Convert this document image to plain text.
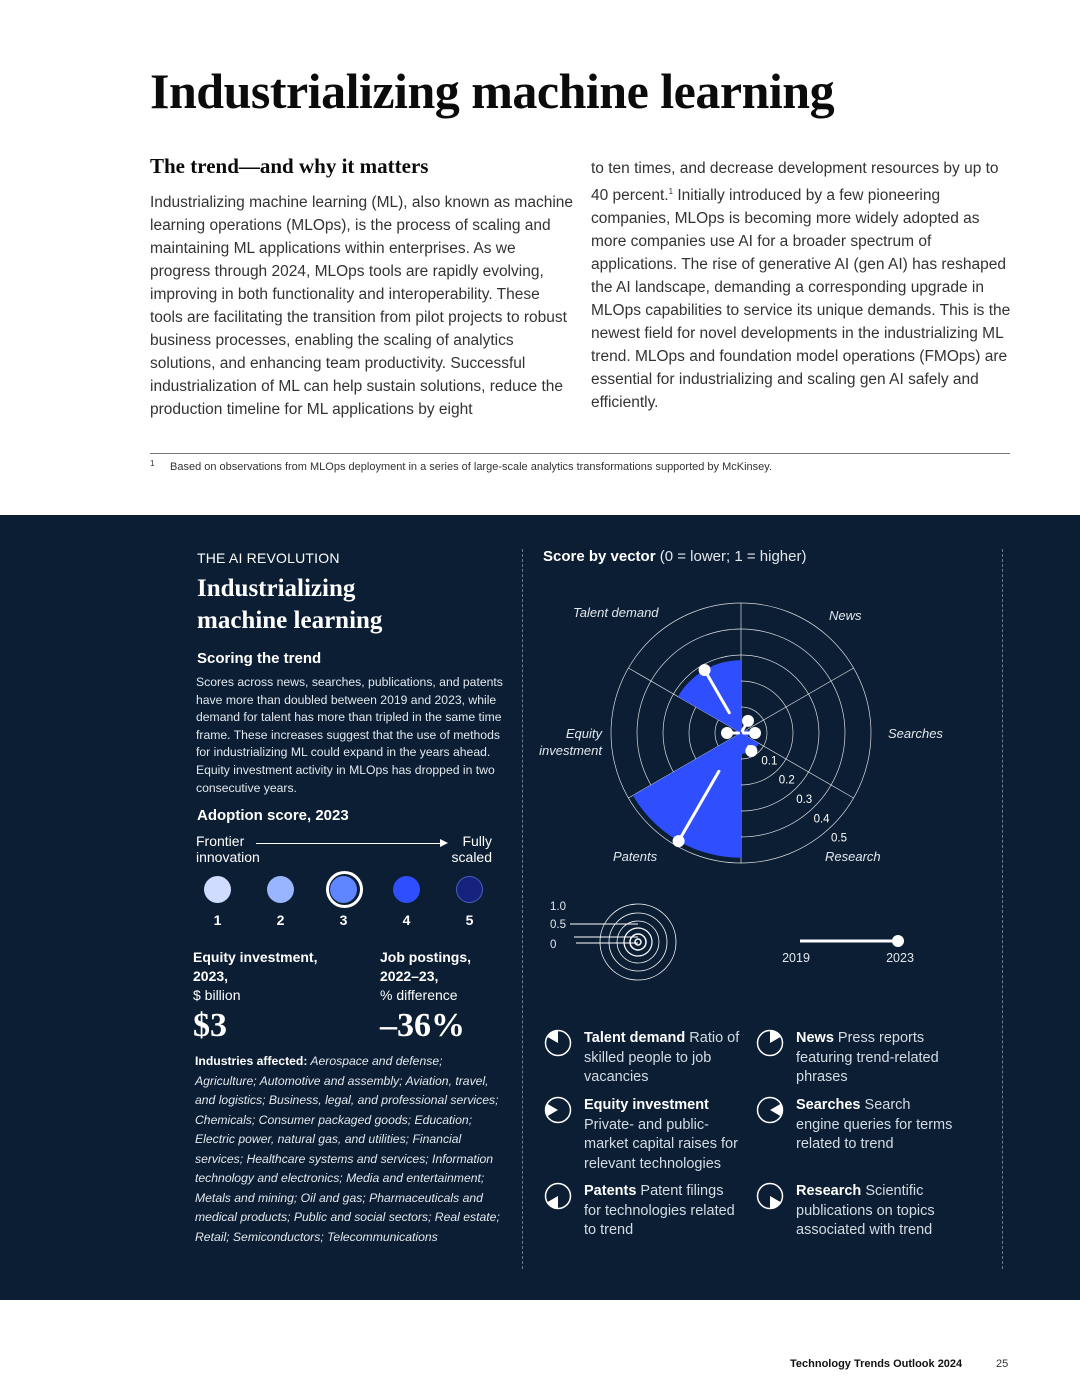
Industrializing machine learning
The trend—and why it matters

Industrializing machine learning (ML), also known as machine learning operations (MLOps), is the process of scaling and maintaining ML applications within enterprises. As we progress through 2024, MLOps tools are rapidly evolving, improving in both functionality and interoperability. These tools are facilitating the transition from pilot projects to robust business processes, enabling the scaling of analytics solutions, and enhancing team productivity. Successful industrialization of ML can help sustain solutions, reduce the production timeline for ML applications by eight

to ten times, and decrease development resources by up to 40 percent.$^1$ Initially introduced by a few pioneering companies, MLOps is becoming more widely adopted as more companies use AI for a broader spectrum of applications. The rise of generative AI (gen AI) has reshaped the AI landscape, demanding a corresponding upgrade in MLOps capabilities to service its unique demands. This is the newest field for novel developments in the industrializing ML trend. MLOps and foundation model operations (FMOps) are essential for industrializing and scaling gen AI safely and efficiently.

1 Based on observations from MLOps deployment in a series of large-scale analytics transformations supported by McKinsey.
THE AI REVOLUTION
Industrializing
machine learning
Scoring the trend

Scores across news, searches, publications, and patents have more than doubled between 2019 and 2023, while demand for talent has more than tripled in the same time frame. These increases suggest that the use of methods for industrializing ML could expand in the years ahead. Equity investment activity in MLOps has dropped in two consecutive years.

Adoption score, 2023
Frontier
innovation
Fully
scaled
1	2	3	4	5
Equity investment,
2023,
$ billion
$3
Job postings,
2022–23,
% difference
–36%

Industries affected: Aerospace and defense; Agriculture; Automotive and assembly; Aviation, travel, and logistics; Business, legal, and professional services; Chemicals; Consumer packaged goods; Education; Electric power, natural gas, and utilities; Financial services; Healthcare systems and services; Information technology and electronics; Media and entertainment; Metals and mining; Oil and gas; Pharmaceuticals and medical products; Public and social sectors; Real estate; Retail; Semiconductors; Telecommunications

Score by vector (0 = lower; 1 = higher)
0.1
0.2
0.3
0.4
0.5
Talent demand	News
Equity
investment
Searches
Patents	Research
1.0
0.5
0
2019	2023
Talent demand Ratio of skilled people to job vacancies
News Press reports featuring trend-related phrases
Equity investment Private- and public-market capital raises for relevant technologies
Searches Search engine queries for terms related to trend
Patents Patent filings for technologies related to trend
Research Scientific publications on topics associated with trend
Technology Trends Outlook 2024	25
